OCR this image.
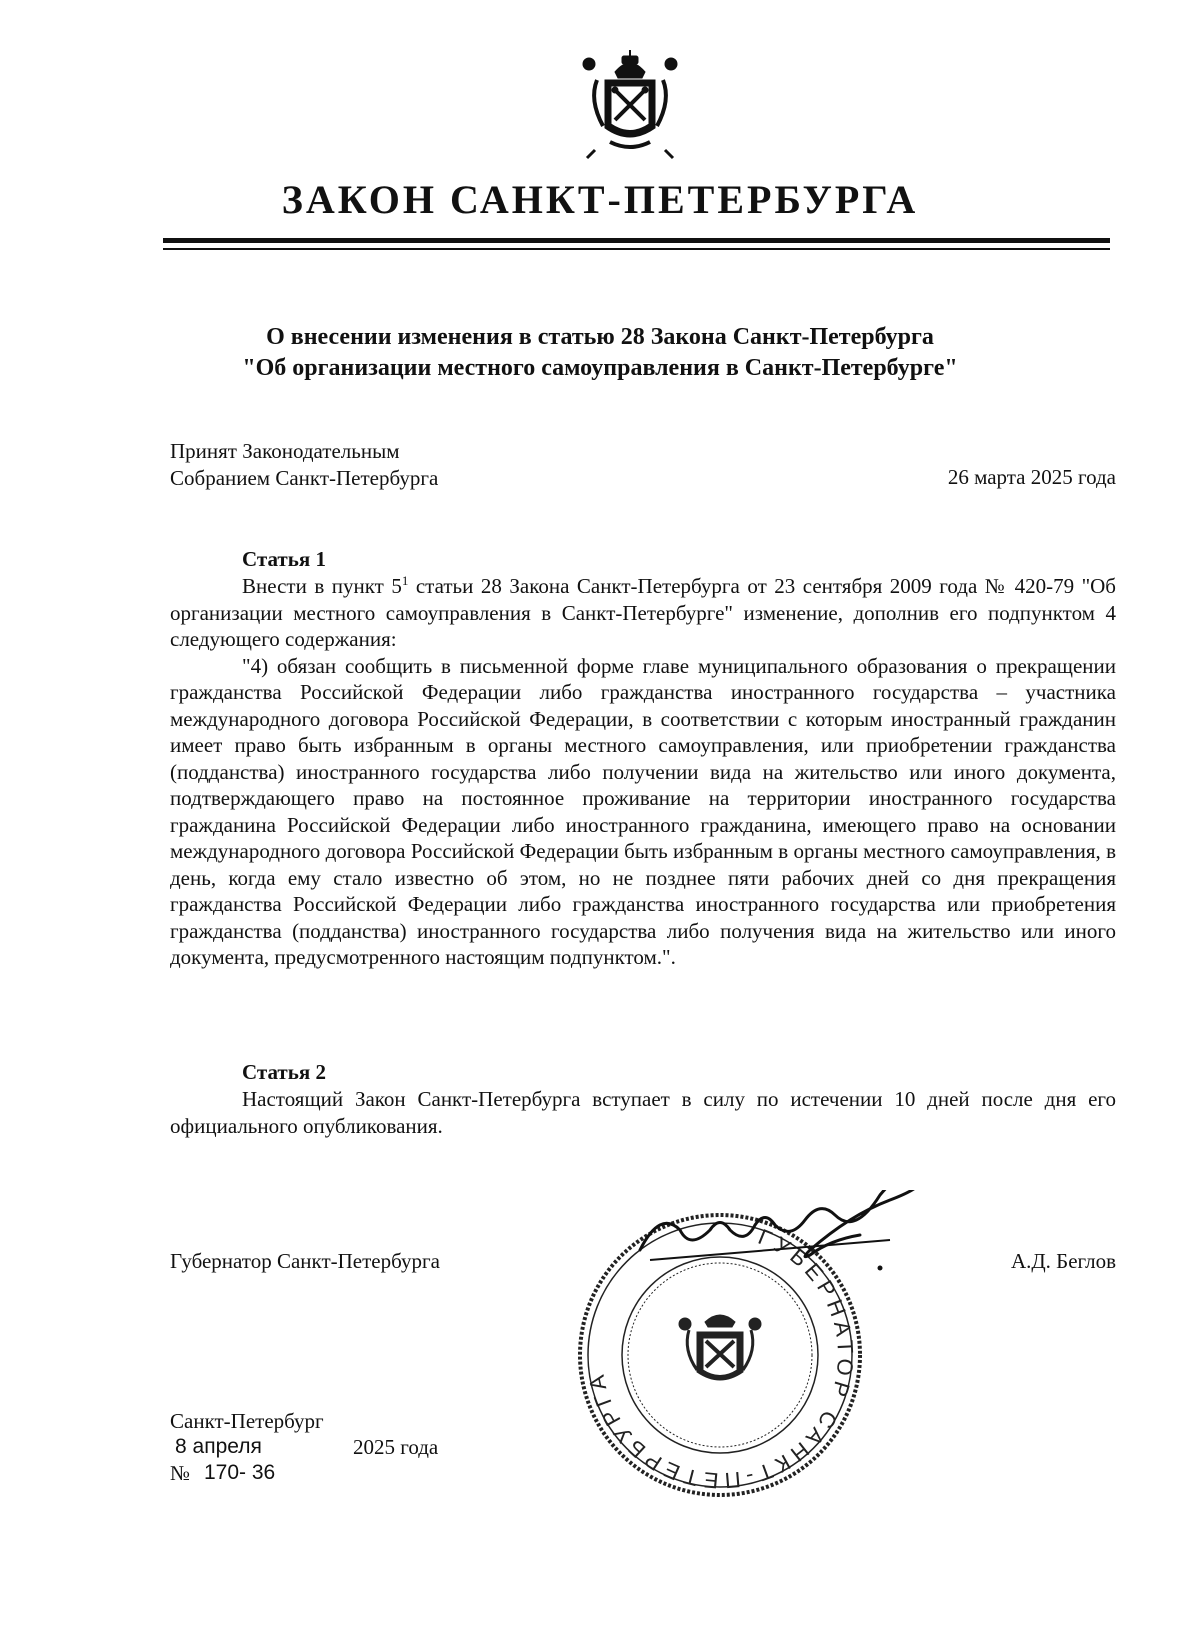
ЗАКОН САНКТ-ПЕТЕРБУРГА
О внесении изменения в статью 28 Закона Санкт-Петербурга
"Об организации местного самоуправления в Санкт-Петербурге"
Принят Законодательным
Собранием Санкт-Петербурга	26 марта 2025 года
Статья 1

Внести в пункт $5^1$ статьи 28 Закона Санкт-Петербурга от 23 сентября 2009 года № 420-79 "Об организации местного самоуправления в Санкт-Петербурге" изменение, дополнив его подпунктом 4 следующего содержания:

"4) обязан сообщить в письменной форме главе муниципального образования о прекращении гражданства Российской Федерации либо гражданства иностранного государства – участника международного договора Российской Федерации, в соответствии с которым иностранный гражданин имеет право быть избранным в органы местного самоуправления, или приобретении гражданства (подданства) иностранного государства либо получении вида на жительство или иного документа, подтверждающего право на постоянное проживание на территории иностранного государства гражданина Российской Федерации либо иностранного гражданина, имеющего право на основании международного договора Российской Федерации быть избранным в органы местного самоуправления, в день, когда ему стало известно об этом, но не позднее пяти рабочих дней со дня прекращения гражданства Российской Федерации либо гражданства иностранного государства или приобретения гражданства (подданства) иностранного государства либо получения вида на жительство или иного документа, предусмотренного настоящим подпунктом.".

Статья 2

Настоящий Закон Санкт-Петербурга вступает в силу по истечении 10 дней после дня его официального опубликования.

Губернатор Санкт-Петербурга	А.Д. Беглов
ГУБЕРНАТОР САНКТ-ПЕТЕРБУРГА
Санкт-Петербург
8 апреля	2025 года
№ 170- 36
